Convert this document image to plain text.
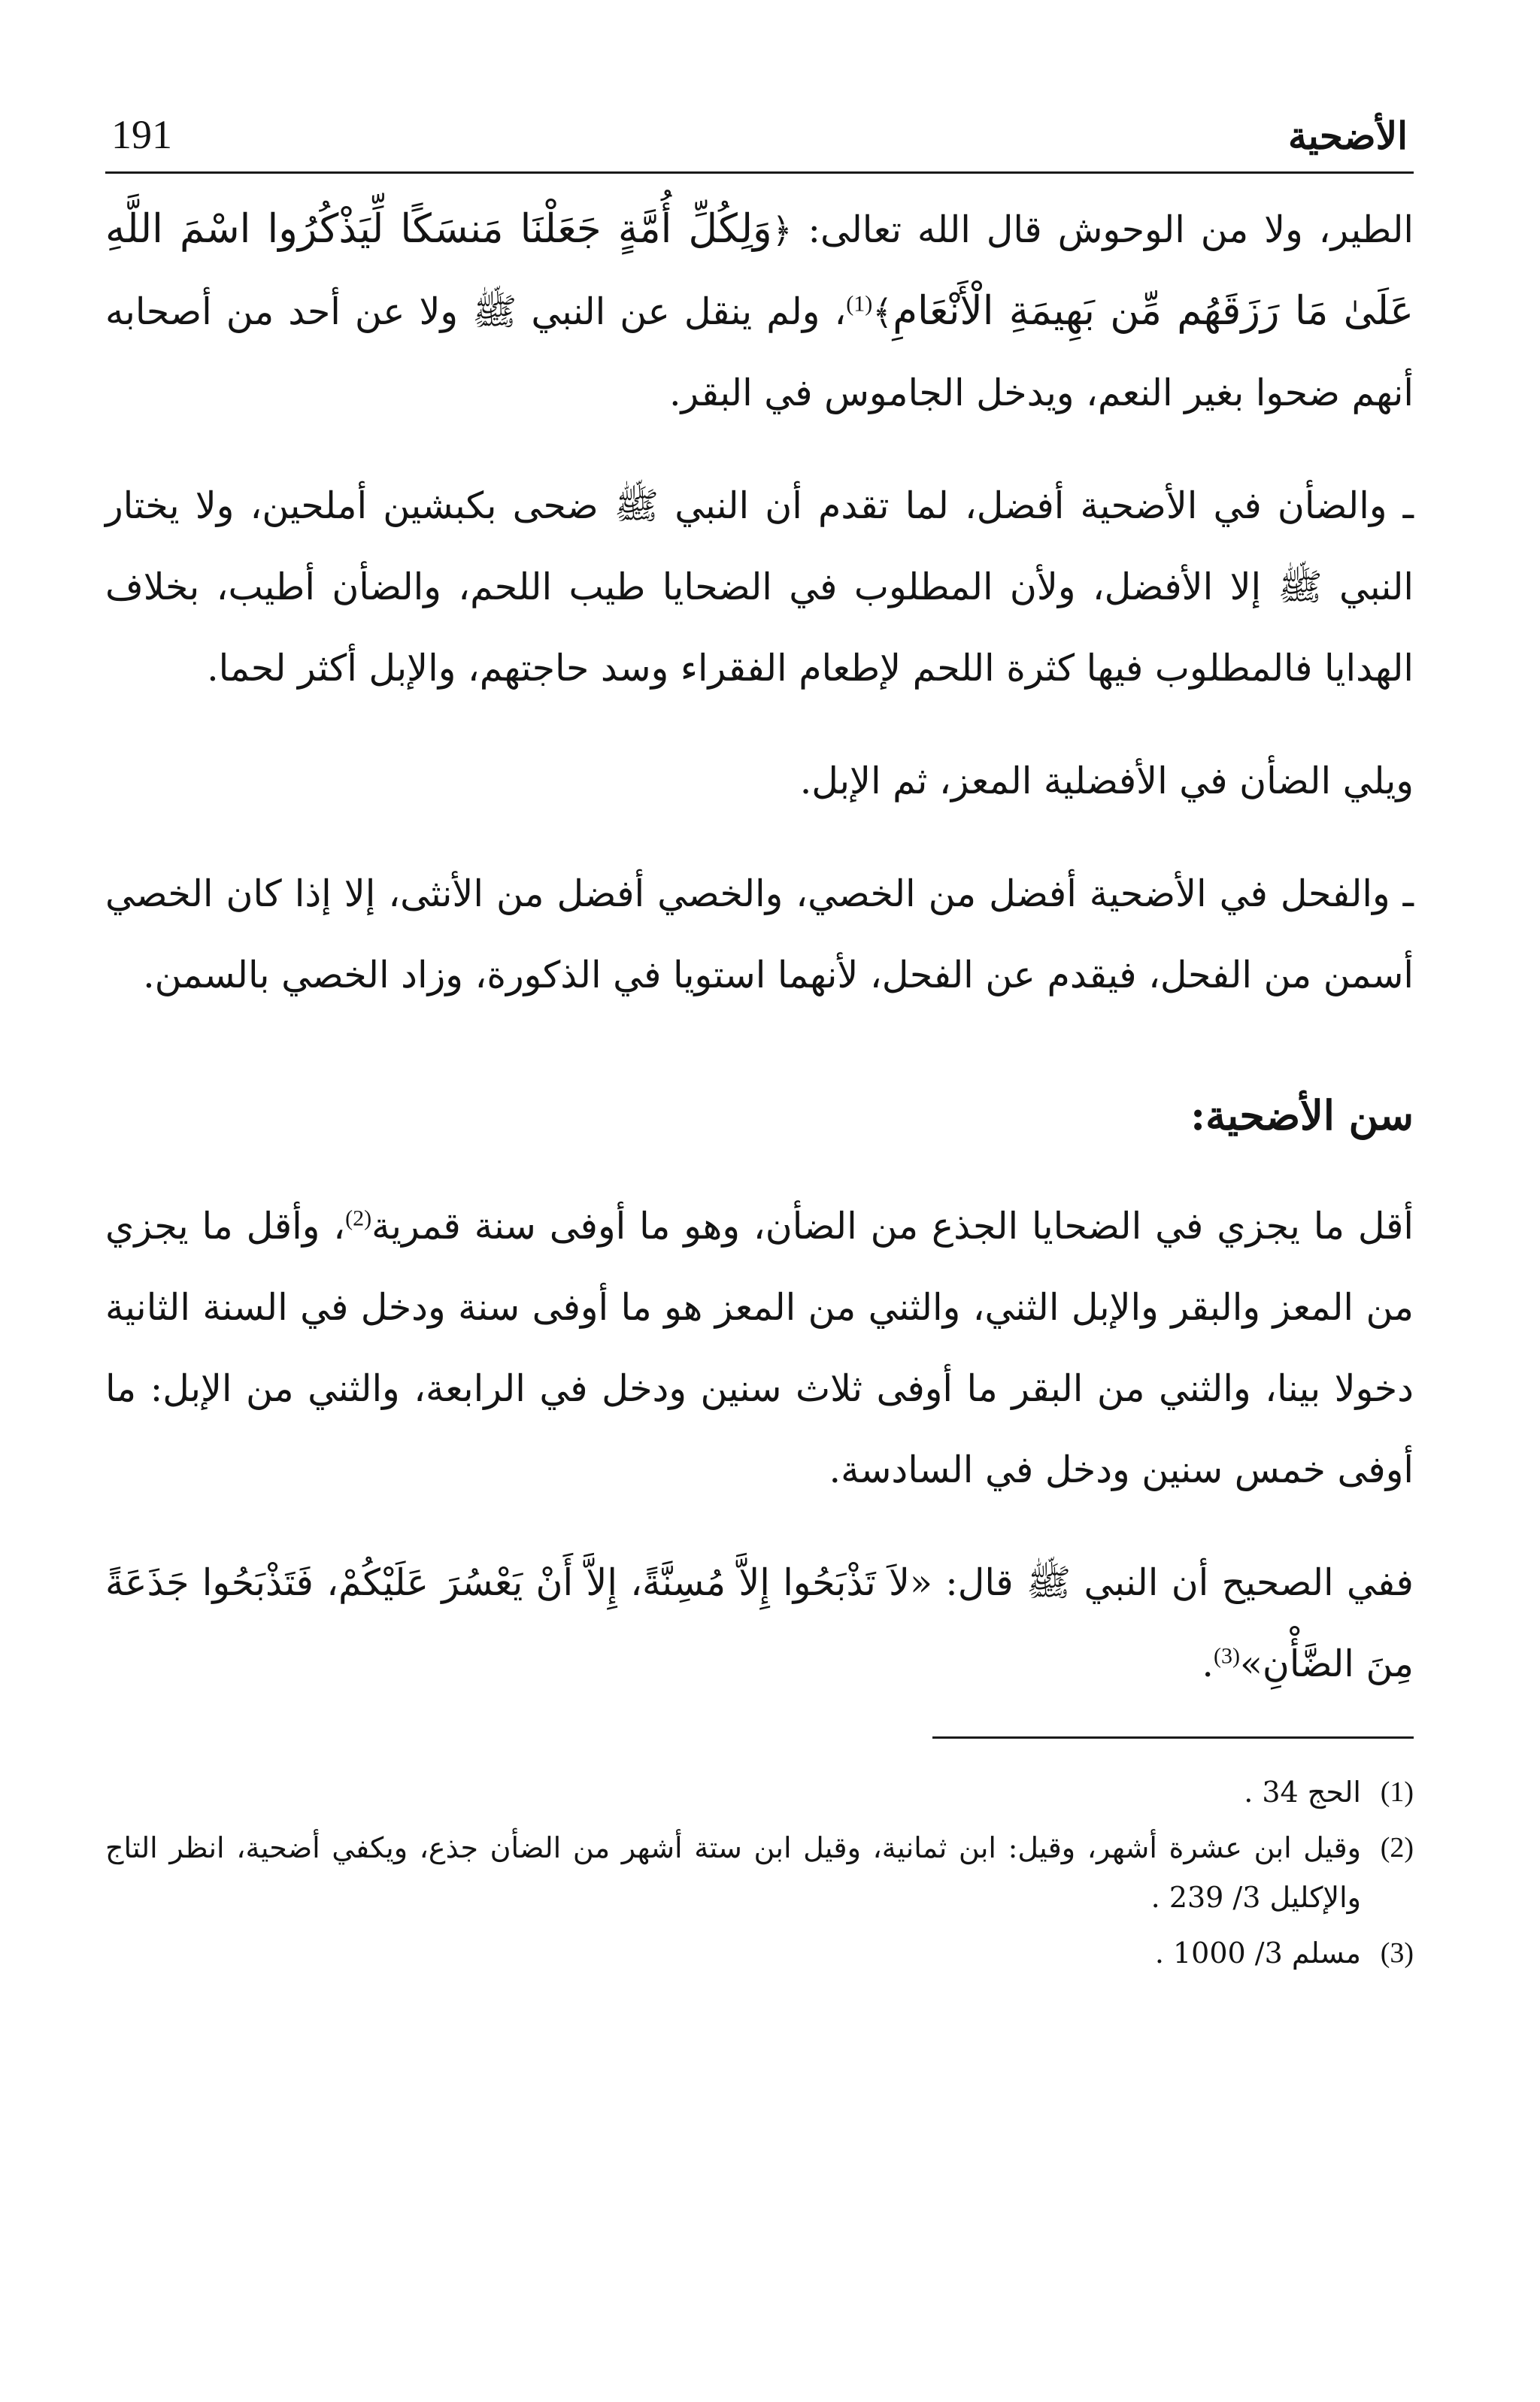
الأضحية
191

الطير، ولا من الوحوش قال الله تعالى: ﴿وَلِكُلِّ أُمَّةٍ جَعَلْنَا مَنسَكًا لِّيَذْكُرُوا اسْمَ اللَّهِ عَلَىٰ مَا رَزَقَهُم مِّن بَهِيمَةِ الْأَنْعَامِ﴾$^{(1)}$، ولم ينقل عن النبي ﷺ ولا عن أحد من أصحابه أنهم ضحوا بغير النعم، ويدخل الجاموس في البقر.

ـ والضأن في الأضحية أفضل، لما تقدم أن النبي ﷺ ضحى بكبشين أملحين، ولا يختار النبي ﷺ إلا الأفضل، ولأن المطلوب في الضحايا طيب اللحم، والضأن أطيب، بخلاف الهدايا فالمطلوب فيها كثرة اللحم لإطعام الفقراء وسد حاجتهم، والإبل أكثر لحما.

ويلي الضأن في الأفضلية المعز، ثم الإبل.

ـ والفحل في الأضحية أفضل من الخصي، والخصي أفضل من الأنثى، إلا إذا كان الخصي أسمن من الفحل، فيقدم عن الفحل، لأنهما استويا في الذكورة، وزاد الخصي بالسمن.

سن الأضحية:

أقل ما يجزي في الضحايا الجذع من الضأن، وهو ما أوفى سنة قمرية$^{(2)}$، وأقل ما يجزي من المعز والبقر والإبل الثني، والثني من المعز هو ما أوفى سنة ودخل في السنة الثانية دخولا بينا، والثني من البقر ما أوفى ثلاث سنين ودخل في الرابعة، والثني من الإبل: ما أوفى خمس سنين ودخل في السادسة.

ففي الصحيح أن النبي ﷺ قال: «لاَ تَذْبَحُوا إِلاَّ مُسِنَّةً، إِلاَّ أَنْ يَعْسُرَ عَلَيْكُمْ، فَتَذْبَحُوا جَذَعَةً مِنَ الضَّأْنِ»$^{(3)}$.

(1)
الحج 34 .
(2)
وقيل ابن عشرة أشهر، وقيل: ابن ثمانية، وقيل ابن ستة أشهر من الضأن جذع، ويكفي أضحية، انظر التاج والإكليل 3/ 239 .
(3)
مسلم 3/ 1000 .
